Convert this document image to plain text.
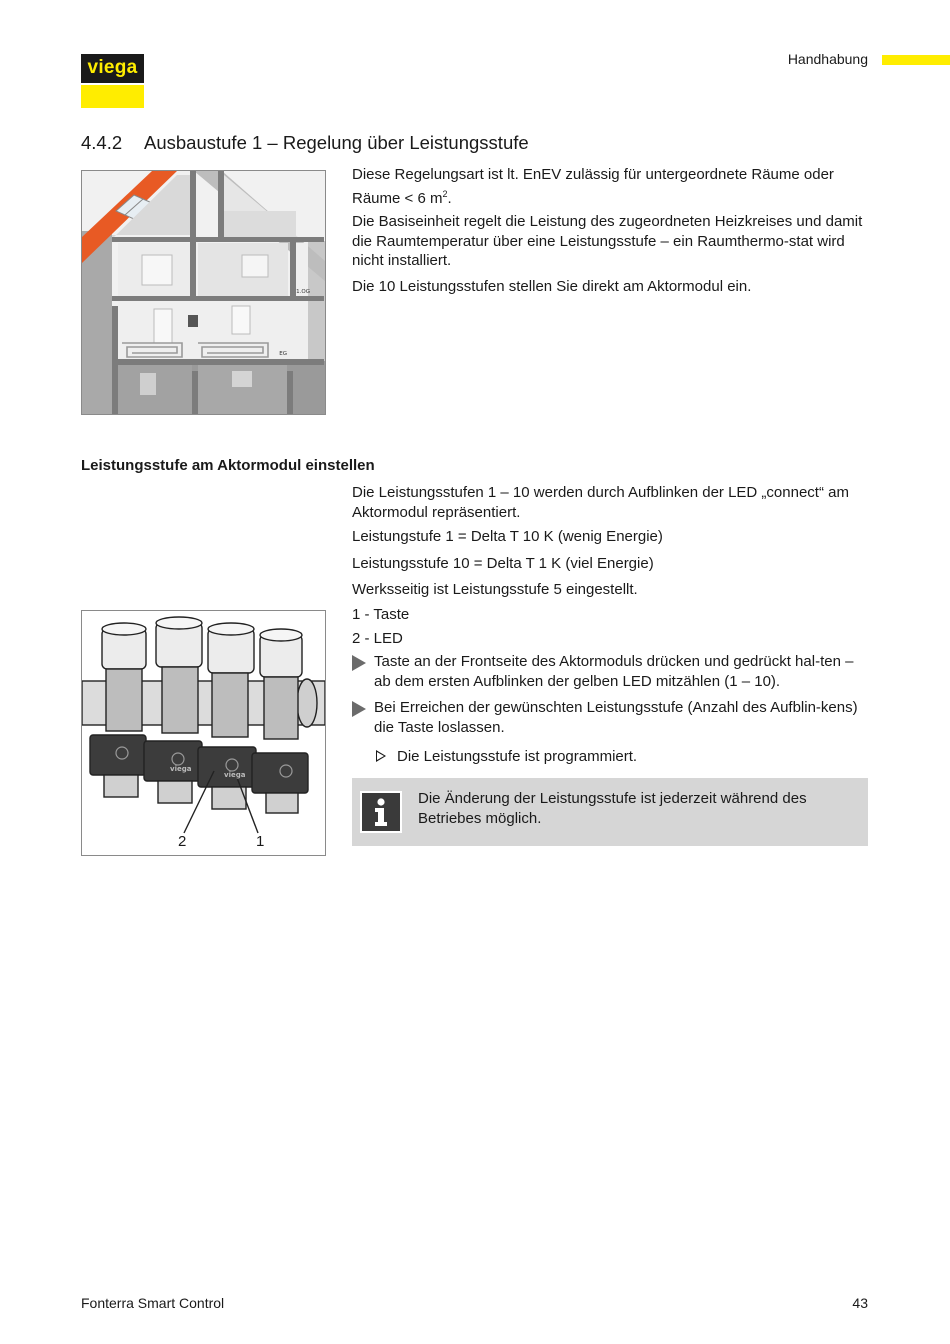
viega	Handhabung
4.4.2 Ausbaustufe 1 – Regelung über Leistungsstufe
1.OG
EG
Diese Regelungsart ist lt. EnEV zulässig für untergeordnete Räume oder
Räume < 6 $m^2$.
Die Basiseinheit regelt die Leistung des zugeordneten Heizkreises und damit die Raumtemperatur über eine Leistungsstufe – ein Raumthermo-stat wird nicht installiert.
Die 10 Leistungsstufen stellen Sie direkt am Aktormodul ein.
Leistungsstufe am Aktormodul einstellen
Die Leistungsstufen 1 – 10 werden durch Aufblinken der LED „connect“ am Aktormodul repräsentiert.
Leistungstufe 1 = Delta T 10 K (wenig Energie)
Leistungsstufe 10 = Delta T 1 K (viel Energie)
Werksseitig ist Leistungsstufe 5 eingestellt.
1 - Taste
2 - LED
viega
viega
2	1
Taste an der Frontseite des Aktormoduls drücken und gedrückt hal-ten – ab dem ersten Aufblinken der gelben LED mitzählen (1 – 10).
Bei Erreichen der gewünschten Leistungsstufe (Anzahl des Aufblin-kens) die Taste loslassen.
Die Leistungsstufe ist programmiert.
Die Änderung der Leistungsstufe ist jederzeit während des Betriebes möglich.
Fonterra Smart Control	43
